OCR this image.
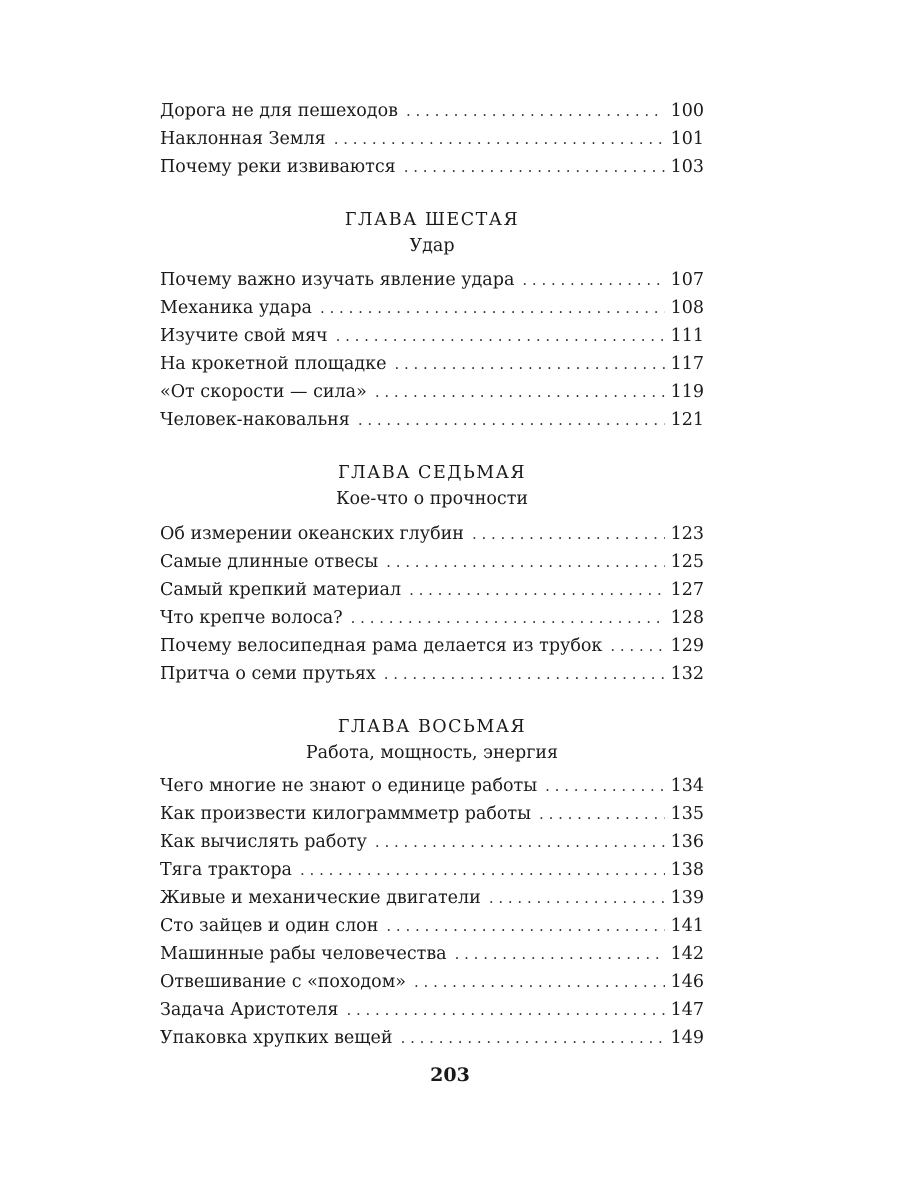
Дорога не для пешеходов . . .	100
Наклонная Земля . . .	101
Почему реки извиваются . . .	103
ГЛАВА ШЕСТАЯ
Удар
Почему важно изучать явление удара . . .	107
Механика удара . . .	108
Изучите свой мяч . . .	111
На крокетной площадке . . .	117
«От скорости — сила» . . .	119
Человек-наковальня . . .	121
ГЛАВА СЕДЬМАЯ
Кое-что о прочности
Об измерении океанских глубин . . .	123
Самые длинные отвесы . . .	125
Самый крепкий материал . . .	127
Что крепче волоса? . . .	128
Почему велосипедная рама делается из трубок . . .	129
Притча о семи прутьях . . .	132
ГЛАВА ВОСЬМАЯ
Работа, мощность, энергия
Чего многие не знают о единице работы . . .	134
Как произвести килограммметр работы . . .	135
Как вычислять работу . . .	136
Тяга трактора . . .	138
Живые и механические двигатели . . .	139
Сто зайцев и один слон . . .	141
Машинные рабы человечества . . .	142
Отвешивание с «походом» . . .	146
Задача Аристотеля . . .	147
Упаковка хрупких вещей . . .	149
203
